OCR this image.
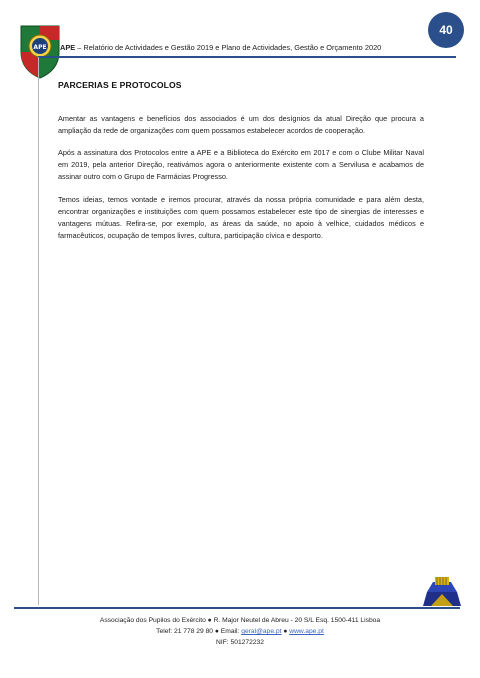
APE
40
APE – Relatório de Actividades e Gestão 2019 e Plano de Actividades, Gestão e Orçamento 2020
PARCERIAS E PROTOCOLOS

Amentar as vantagens e benefícios dos associados é um dos desígnios da atual Direção que procura a ampliação da rede de organizações com quem possamos estabelecer acordos de cooperação.

Após a assinatura dos Protocolos entre a APE e a Biblioteca do Exército em 2017 e com o Clube Militar Naval em 2019, pela anterior Direção, reativámos agora o anteriormente existente com a Servilusa e acabamos de assinar outro com o Grupo de Farmácias Progresso.

Temos ideias, temos vontade e iremos procurar, através da nossa própria comunidade e para além desta, encontrar organizações e instituições com quem possamos estabelecer este tipo de sinergias de interesses e vantagens mútuas. Refira-se, por exemplo, as áreas da saúde, no apoio à velhice, cuidados médicos e farmacêuticos, ocupação de tempos livres, cultura, participação cívica e desporto.

Associação dos Pupilos do Exército ● R. Major Neutel de Abreu - 20 S/L Esq. 1500-411 Lisboa
Telef: 21 778 29 80 ● Email: geral@ape.pt ● www.ape.pt
NIF: 501272232
